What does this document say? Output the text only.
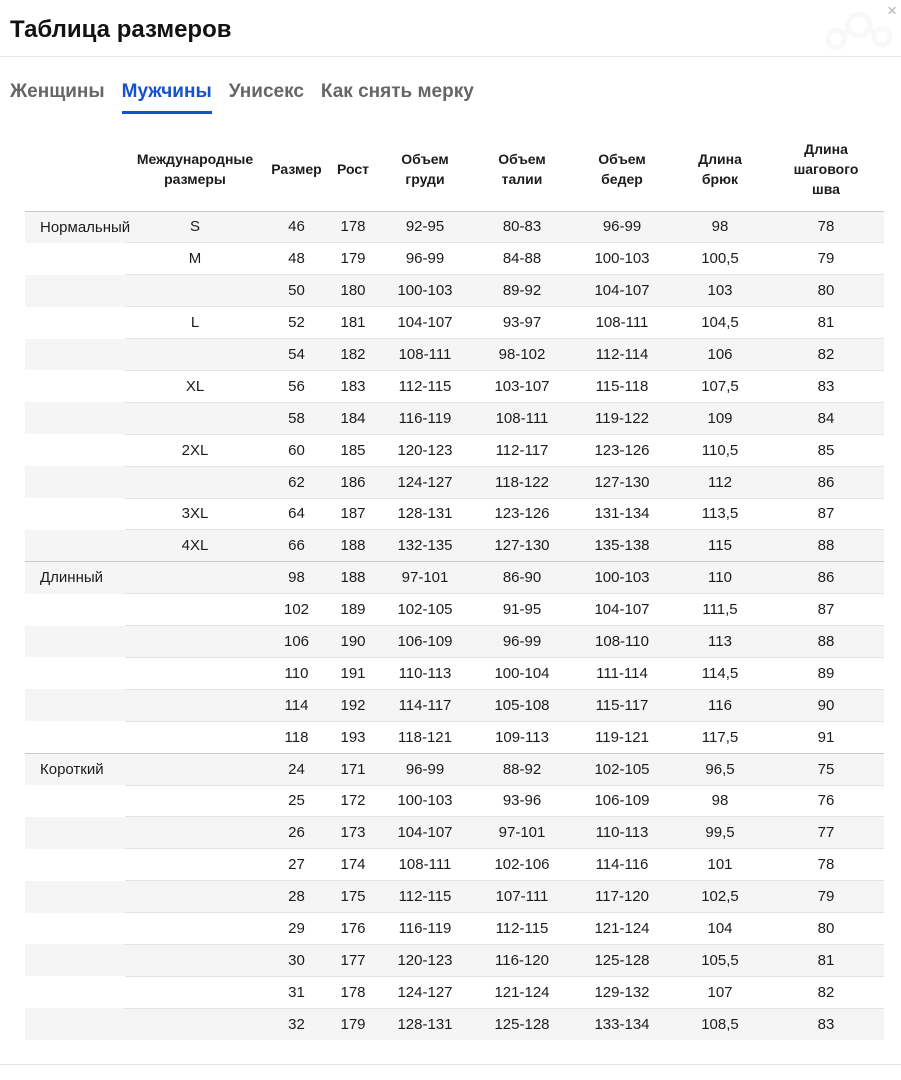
Таблица размеров
×
Женщины Мужчины Унисекс Как снять мерку
	Международные размеры	Размер	Рост	Объем груди	Объем талии	Объем бедер	Длина брюк	Длина шагового шва
Нормальный	S	46	178	92-95	80-83	96-99	98	78
	M	48	179	96-99	84-88	100-103	100,5	79
		50	180	100-103	89-92	104-107	103	80
	L	52	181	104-107	93-97	108-111	104,5	81
		54	182	108-111	98-102	112-114	106	82
	XL	56	183	112-115	103-107	115-118	107,5	83
		58	184	116-119	108-111	119-122	109	84
	2XL	60	185	120-123	112-117	123-126	110,5	85
		62	186	124-127	118-122	127-130	112	86
	3XL	64	187	128-131	123-126	131-134	113,5	87
	4XL	66	188	132-135	127-130	135-138	115	88
Длинный		98	188	97-101	86-90	100-103	110	86
		102	189	102-105	91-95	104-107	111,5	87
		106	190	106-109	96-99	108-110	113	88
		110	191	110-113	100-104	111-114	114,5	89
		114	192	114-117	105-108	115-117	116	90
		118	193	118-121	109-113	119-121	117,5	91
Короткий		24	171	96-99	88-92	102-105	96,5	75
		25	172	100-103	93-96	106-109	98	76
		26	173	104-107	97-101	110-113	99,5	77
		27	174	108-111	102-106	114-116	101	78
		28	175	112-115	107-111	117-120	102,5	79
		29	176	116-119	112-115	121-124	104	80
		30	177	120-123	116-120	125-128	105,5	81
		31	178	124-127	121-124	129-132	107	82
		32	179	128-131	125-128	133-134	108,5	83
